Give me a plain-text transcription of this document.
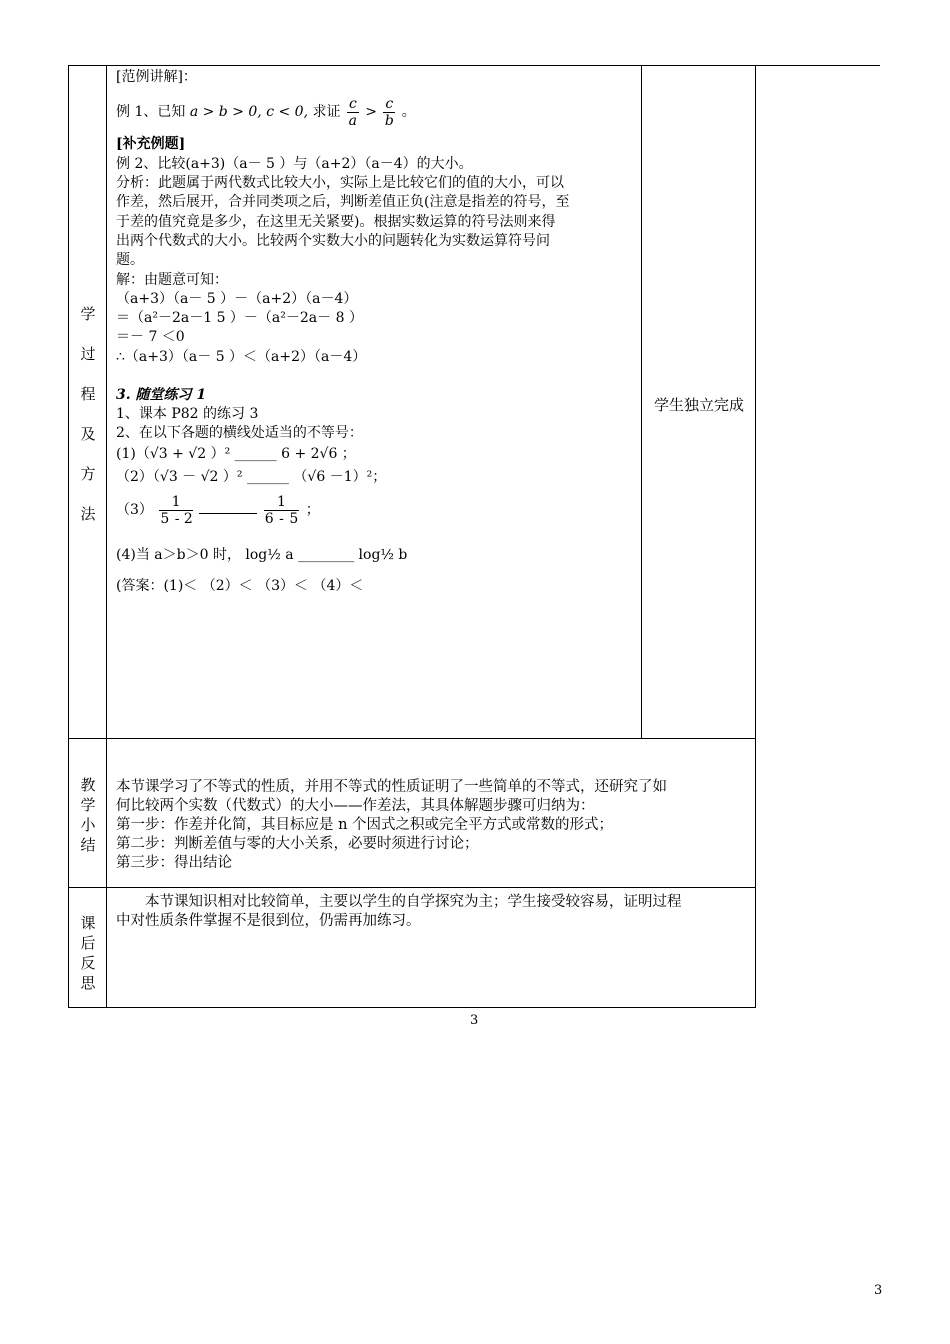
学
过
程
及
方
法
教
学
小
结
课
后
反
思
学生独立完成
[范例讲解]：
例 1、已知 a > b > 0, c < 0, 求证 $\frac{c}{a} > \frac{c}{b}$ 。
[补充例题]
例 2、比较(a+3)（a－ 5 ）与（a+2）（a－4）的大小。
分析：此题属于两代数式比较大小，实际上是比较它们的值的大小，可以
作差，然后展开，合并同类项之后，判断差值正负(注意是指差的符号，至
于差的值究竟是多少，在这里无关紧要)。根据实数运算的符号法则来得
出两个代数式的大小。比较两个实数大小的问题转化为实数运算符号问
题。
解：由题意可知：
（a+3）（a－ 5 ）－（a+2）（a－4）
＝（a²－2a－1 5 ）－（a²－2a－ 8 ）
＝－ 7 ＜0
∴（a+3）（a－ 5 ）＜（a+2）（a－4）
3. 随堂练习 1
1、课本 P82 的练习 3
2、在以下各题的横线处适当的不等号：
(1)（√3 + √2 ）² ______ 6 + 2√6 ；
（2）（√3 － √2 ）² ______ （√6 －1）²；
$(3) \frac{1}{5 - 2}$
	$\frac{1}{6 - 5}$ ；
(4)当 a＞b＞0 时， log½ a ________ log½ b
(答案：(1)＜ （2）＜ （3）＜ （4）＜
本节课学习了不等式的性质，并用不等式的性质证明了一些简单的不等式，还研究了如
何比较两个实数（代数式）的大小——作差法，其具体解题步骤可归纳为：
第一步：作差并化简，其目标应是 n 个因式之积或完全平方式或常数的形式；
第二步：判断差值与零的大小关系，必要时须进行讨论；
第三步：得出结论
本节课知识相对比较简单，主要以学生的自学探究为主；学生接受较容易，证明过程
中对性质条件掌握不是很到位，仍需再加练习。
3
3
